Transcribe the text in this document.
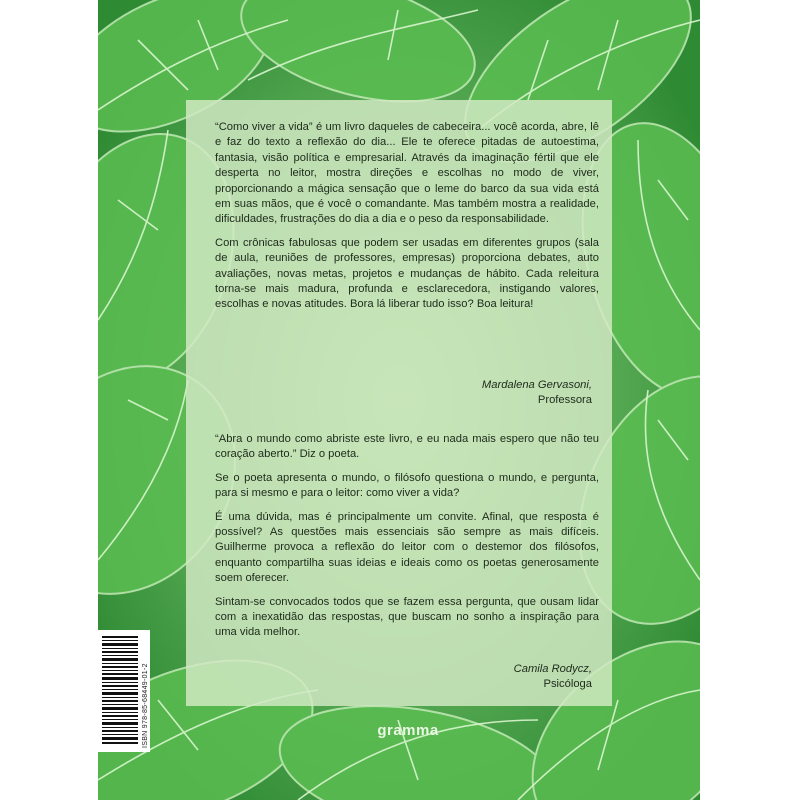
ISBN 978-85-68449-01-2

“Como viver a vida” é um livro daqueles de cabeceira... você acorda, abre, lê e faz do texto a reflexão do dia... Ele te oferece pitadas de autoestima, fantasia, visão política e empresarial. Através da imaginação fértil que ele desperta no leitor, mostra direções e escolhas no modo de viver, proporcionando a mágica sensação que o leme do barco da sua vida está em suas mãos, que é você o comandante. Mas também mostra a realidade, dificuldades, frustrações do dia a dia e o peso da responsabilidade.

Com crônicas fabulosas que podem ser usadas em diferentes grupos (sala de aula, reuniões de professores, empresas) proporciona debates, auto avaliações, novas metas, projetos e mudanças de hábito. Cada releitura torna-se mais madura, profunda e esclarecedora, instigando valores, escolhas e novas atitudes. Bora lá liberar tudo isso? Boa leitura!

Mardalena Gervasoni,
Professora

“Abra o mundo como abriste este livro, e eu nada mais espero que não teu coração aberto.” Diz o poeta.

Se o poeta apresenta o mundo, o filósofo questiona o mundo, e pergunta, para si mesmo e para o leitor: como viver a vida?

É uma dúvida, mas é principalmente um convite. Afinal, que resposta é possível? As questões mais essenciais são sempre as mais difíceis. Guilherme provoca a reflexão do leitor com o destemor dos filósofos, enquanto compartilha suas ideias e ideais como os poetas generosamente soem oferecer.

Sintam-se convocados todos que se fazem essa pergunta, que ousam lidar com a inexatidão das respostas, que buscam no sonho a inspiração para uma vida melhor.

Camila Rodycz,
Psicóloga
gramma
